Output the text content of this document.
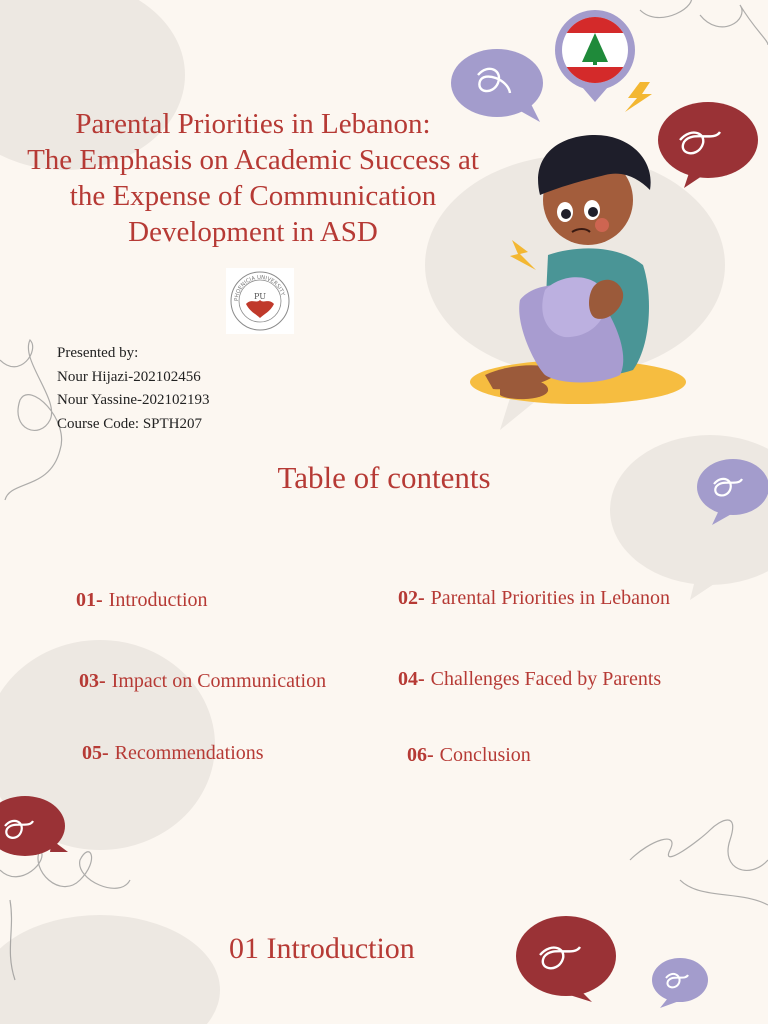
Parental Priorities in Lebanon:
The Emphasis on Academic Success at
the Expense of Communication
Development in ASD
PHOENICIA UNIVERSITY
PU
Presented by:
Nour Hijazi-202102456
Nour Yassine-202102193
Course Code: SPTH207
Table of contents
01- Introduction	02- Parental Priorities in Lebanon
03- Impact on Communication	04- Challenges Faced by Parents
05- Recommendations	06- Conclusion
01 Introduction
